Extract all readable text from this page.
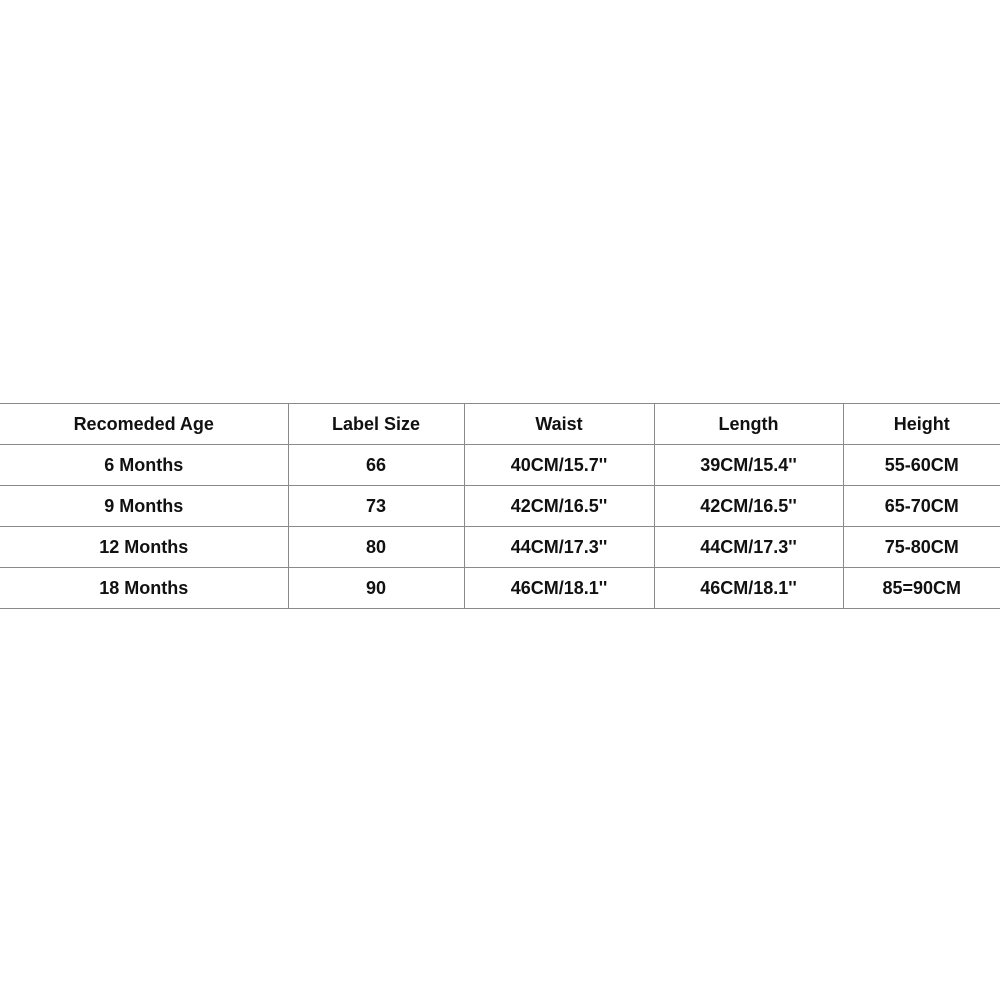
Recomeded Age	Label Size	Waist	Length	Height
6 Months	66	40CM/15.7''	39CM/15.4''	55-60CM
9 Months	73	42CM/16.5''	42CM/16.5''	65-70CM
12 Months	80	44CM/17.3''	44CM/17.3''	75-80CM
18 Months	90	46CM/18.1''	46CM/18.1''	85=90CM
